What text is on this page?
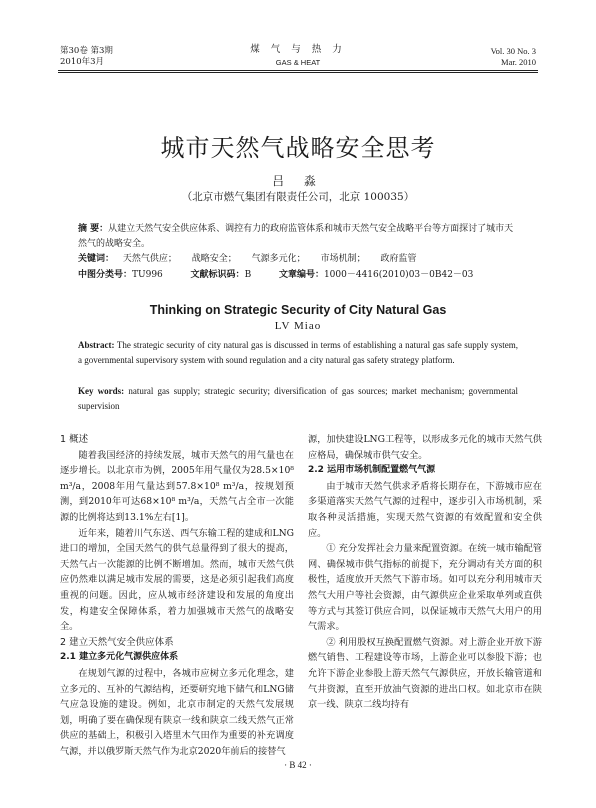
第30卷 第3期
2010年3月
煤 气 与 热 力
GAS & HEAT
Vol. 30 No. 3
Mar. 2010
城市天然气战略安全思考
吕 淼
（北京市燃气集团有限责任公司，北京 100035）
摘 要：从建立天然气安全供应体系、调控有力的政府监管体系和城市天然气安全战略平台等方面探讨了城市天然气的战略安全。
关键词： 天然气供应； 战略安全； 气源多元化； 市场机制； 政府监管
中图分类号：TU996	文献标识码：B	文章编号：1000－4416(2010)03－0B42－03
Thinking on Strategic Security of City Natural Gas
LV Miao
Abstract: The strategic security of city natural gas is discussed in terms of establishing a natural gas safe supply system, a governmental supervisory system with sound regulation and a city natural gas safety strategy platform.
Key words: natural gas supply; strategic security; diversification of gas sources; market mechanism; governmental supervision
1 概述

随着我国经济的持续发展，城市天然气的用气量也在逐步增长。以北京市为例，2005年用气量仅为28.5×10⁸ m³/a，2008年用气量达到57.8×10⁸ m³/a，按规划预测，到2010年可达68×10⁸ m³/a，天然气占全市一次能源的比例将达到13.1%左右[1]。

近年来，随着川气东送、西气东输工程的建成和LNG进口的增加，全国天然气的供气总量得到了很大的提高，天然气占一次能源的比例不断增加。然而，城市天然气供应仍然难以满足城市发展的需要，这是必须引起我们高度重视的问题。因此，应从城市经济建设和发展的角度出发，构建安全保障体系，着力加强城市天然气的战略安全。

2 建立天然气安全供应体系
2.1 建立多元化气源供应体系

在规划气源的过程中，各城市应树立多元化理念，建立多元的、互补的气源结构，还要研究地下储气和LNG储气应急设施的建设。例如，北京市制定的天然气发展规划，明确了要在确保现有陕京一线和陕京二线天然气正常供应的基础上，积极引入塔里木气田作为重要的补充调度气源，并以俄罗斯天然气作为北京2020年前后的接替气

源，加快建设LNG工程等，以形成多元化的城市天然气供应格局，确保城市供气安全。

2.2 运用市场机制配置燃气气源

由于城市天然气供求矛盾将长期存在，下游城市应在多渠道落实天然气气源的过程中，逐步引入市场机制，采取各种灵活措施，实现天然气资源的有效配置和安全供应。

① 充分发挥社会力量来配置资源。在统一城市输配管网、确保城市供气指标的前提下，充分调动有关方面的积极性，适度放开天然气下游市场。如可以充分利用城市天然气大用户等社会资源，由气源供应企业采取单列或直供等方式与其签订供应合同，以保证城市天然气大用户的用气需求。

② 利用股权互换配置燃气资源。对上游企业开放下游燃气销售、工程建设等市场，上游企业可以参股下游；也允许下游企业参股上游天然气气源供应，开放长输管道和气井资源，直至开放油气资源的进出口权。如北京市在陕京一线、陕京二线均持有

· B 42 ·
